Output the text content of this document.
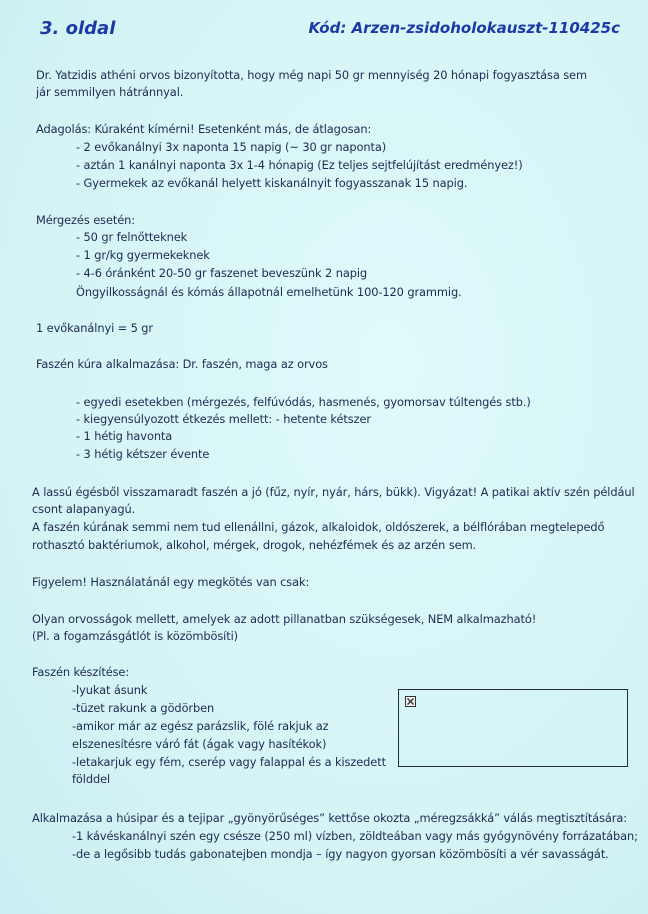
3. oldal	Kód: Arzen-zsidoholokauszt-110425c
Dr. Yatzidis athéni orvos bizonyította, hogy még napi 50 gr mennyiség 20 hónapi fogyasztása sem
jár semmilyen hátránnyal.
Adagolás: Kúraként kímérni! Esetenként más, de átlagosan:
- 2 evőkanálnyi 3x naponta 15 napig (~ 30 gr naponta)
- aztán 1 kanálnyi naponta 3x 1-4 hónapig (Ez teljes sejtfelújítást eredményez!)
- Gyermekek az evőkanál helyett kiskanálnyit fogyasszanak 15 napig.
Mérgezés esetén:
- 50 gr felnőtteknek
- 1 gr/kg gyermekeknek
- 4-6 óránként 20-50 gr faszenet beveszünk 2 napig
Öngyilkosságnál és kómás állapotnál emelhetünk 100-120 grammig.
1 evőkanálnyi = 5 gr
Faszén kúra alkalmazása: Dr. faszén, maga az orvos
- egyedi esetekben (mérgezés, felfúvódás, hasmenés, gyomorsav túltengés stb.)
- kiegyensúlyozott étkezés mellett: - hetente kétszer
- 1 hétig havonta
- 3 hétig kétszer évente
A lassú égésből visszamaradt faszén a jó (fűz, nyír, nyár, hárs, bükk). Vigyázat! A patikai aktív szén például
csont alapanyagú.
A faszén kúrának semmi nem tud ellenállni, gázok, alkaloidok, oldószerek, a bélflórában megtelepedő
rothasztó baktériumok, alkohol, mérgek, drogok, nehézfémek és az arzén sem.
Figyelem! Használatánál egy megkötés van csak:
Olyan orvosságok mellett, amelyek az adott pillanatban szükségesek, NEM alkalmazható!
(Pl. a fogamzásgátlót is közömbösíti)
Faszén készítése:
-lyukat ásunk
-tüzet rakunk a gödörben
-amikor már az egész parázslik, fölé rakjuk az
elszenesítésre váró fát (ágak vagy hasítékok)
-letakarjuk egy fém, cserép vagy falappal és a kiszedett
földdel
Alkalmazása a húsipar és a tejipar „gyönyörűséges” kettőse okozta „méregzsákká” válás megtisztítására:
-1 kávéskanálnyi szén egy csésze (250 ml) vízben, zöldteában vagy más gyógynövény forrázatában;
-de a legősibb tudás gabonatejben mondja – így nagyon gyorsan közömbösíti a vér savasságát.
